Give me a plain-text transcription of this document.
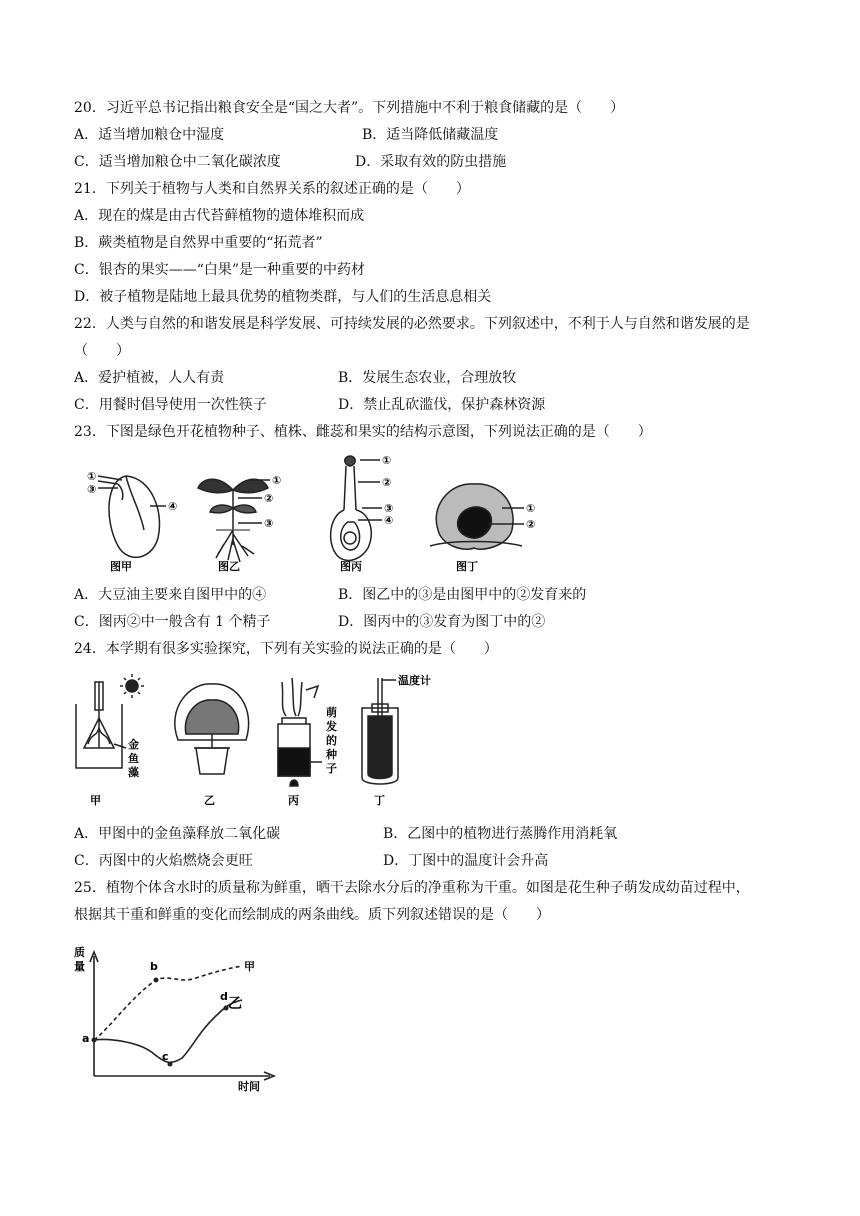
20．习近平总书记指出粮食安全是“国之大者”。下列措施中不利于粮食储藏的是（　　）
A．适当增加粮仓中湿度	B．适当降低储藏温度
C．适当增加粮仓中二氧化碳浓度	D．采取有效的防虫措施
21．下列关于植物与人类和自然界关系的叙述正确的是（　　）
A．现在的煤是由古代苔藓植物的遗体堆积而成
B．蕨类植物是自然界中重要的“拓荒者”
C．银杏的果实——“白果”是一种重要的中药材
D．被子植物是陆地上最具优势的植物类群，与人们的生活息息相关
22．人类与自然的和谐发展是科学发展、可持续发展的必然要求。下列叙述中，不利于人与自然和谐发展的是
（　　）
A．爱护植被，人人有责	B．发展生态农业，合理放牧
C．用餐时倡导使用一次性筷子	D．禁止乱砍滥伐，保护森林资源
23．下图是绿色开花植物种子、植株、雌蕊和果实的结构示意图，下列说法正确的是（　　）
①
③
④
图甲
①
②
③
图乙
①
②
③
④
图丙
①
②
图丁
A．大豆油主要来自图甲中的④	B．图乙中的③是由图甲中的②发育来的
C．图丙②中一般含有 1 个精子	D．图丙中的③发育为图丁中的②
24．本学期有很多实验探究，下列有关实验的说法正确的是（　　）
金
鱼
藻
甲	乙
萌
发
的
种
子
丙
温度计
丁
A．甲图中的金鱼藻释放二氧化碳	B．乙图中的植物进行蒸腾作用消耗氧
C．丙图中的火焰燃烧会更旺	D．丁图中的温度计会升高
25．植物个体含水时的质量称为鲜重，晒干去除水分后的净重称为干重。如图是花生种子萌发成幼苗过程中，
根据其干重和鲜重的变化而绘制成的两条曲线。质下列叙述错误的是（　　）
质
量
时间
甲
乙
a
b
c
d
